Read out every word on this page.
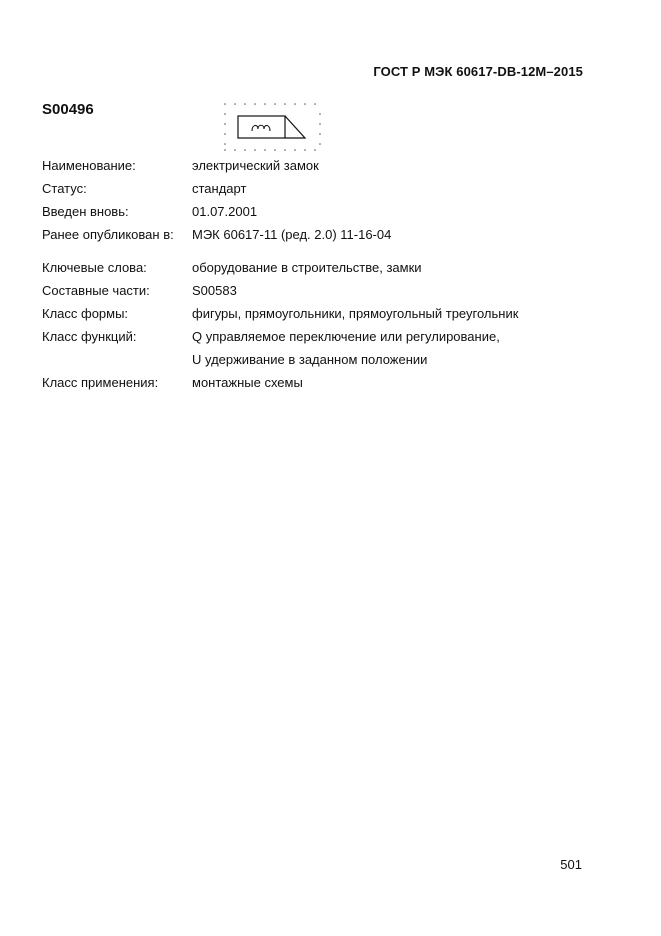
ГОСТ Р МЭК 60617-DB-12M–2015
S00496
Наименование:	электрический замок
Статус:	стандарт
Введен вновь:	01.07.2001
Ранее опубликован в:	МЭК 60617-11 (ред. 2.0) 11-16-04
Ключевые слова:	оборудование в строительстве, замки
Составные части:	S00583
Класс формы:	фигуры, прямоугольники, прямоугольный треугольник
Класс функций:	Q управляемое переключение или регулирование,
U удерживание в заданном положении
Класс применения:	монтажные схемы
501
